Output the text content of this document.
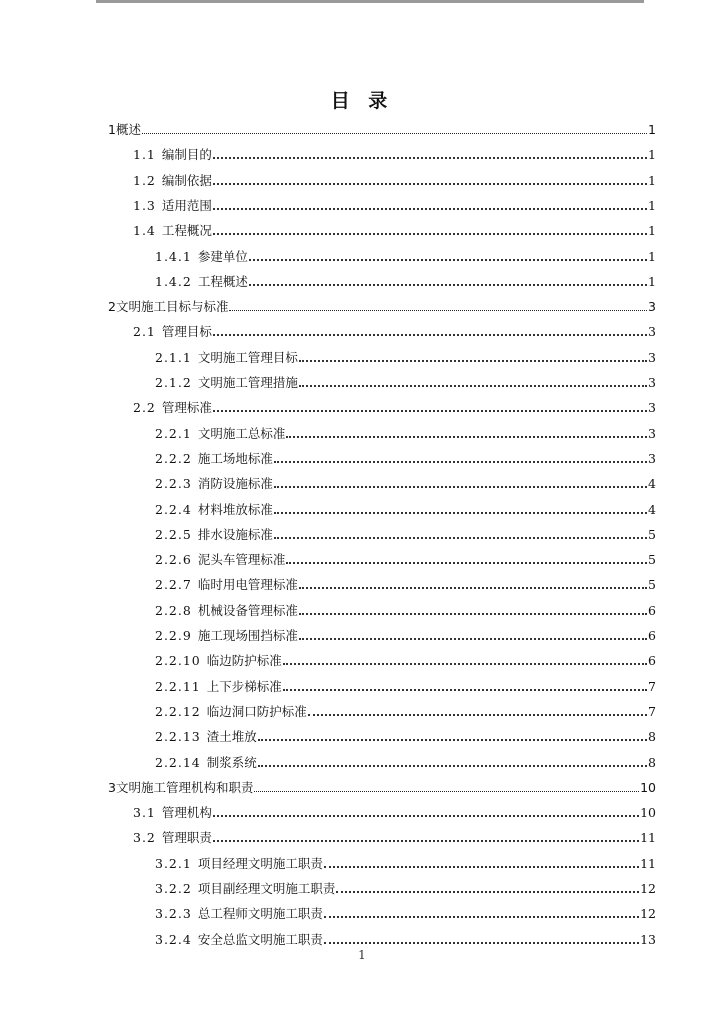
目 录
1 概述	1
1.1 编制目的	1
1.2 编制依据	1
1.3 适用范围	1
1.4 工程概况	1
1.4.1 参建单位	1
1.4.2 工程概述	1
2 文明施工目标与标准	3
2.1 管理目标	3
2.1.1 文明施工管理目标	3
2.1.2 文明施工管理措施	3
2.2 管理标准	3
2.2.1 文明施工总标准	3
2.2.2 施工场地标准	3
2.2.3 消防设施标准	4
2.2.4 材料堆放标准	4
2.2.5 排水设施标准	5
2.2.6 泥头车管理标准	5
2.2.7 临时用电管理标准	5
2.2.8 机械设备管理标准	6
2.2.9 施工现场围挡标准	6
2.2.10 临边防护标准	6
2.2.11 上下步梯标准	7
2.2.12 临边洞口防护标准	7
2.2.13 渣土堆放	8
2.2.14 制浆系统	8
3 文明施工管理机构和职责	10
3.1 管理机构	10
3.2 管理职责	11
3.2.1 项目经理文明施工职责	11
3.2.2 项目副经理文明施工职责	12
3.2.3 总工程师文明施工职责	12
3.2.4 安全总监文明施工职责	13
1
